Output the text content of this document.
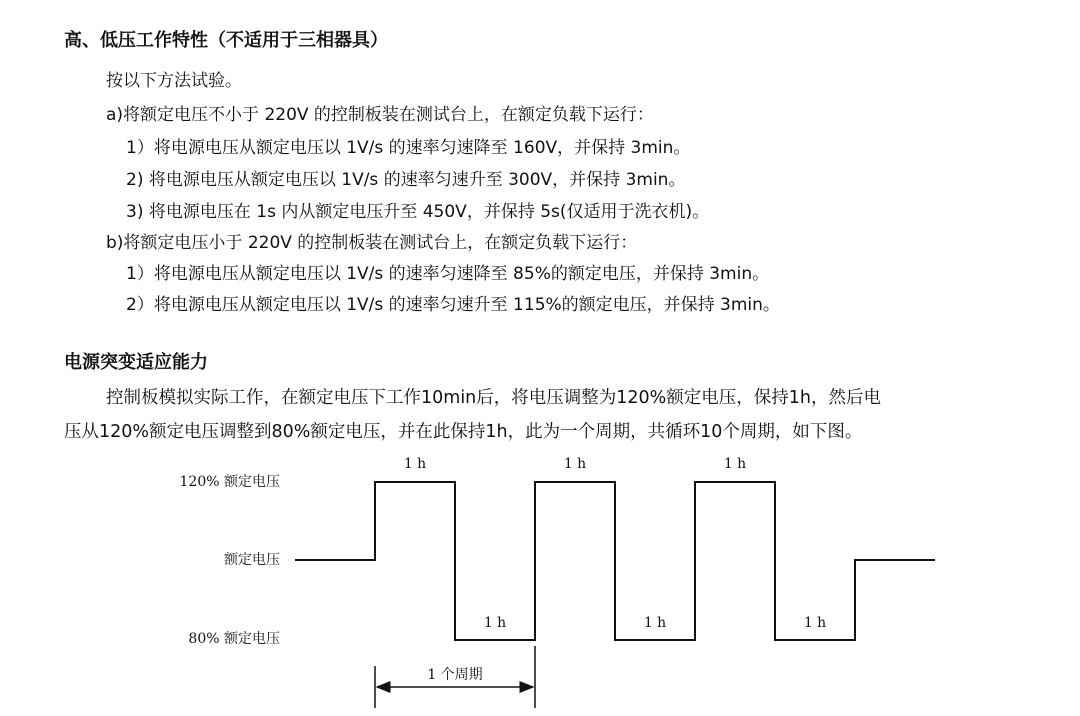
高、低压工作特性（不适用于三相器具）
按以下方法试验。
a)将额定电压不小于 220V 的控制板装在测试台上，在额定负载下运行：
1）将电源电压从额定电压以 1V/s 的速率匀速降至 160V，并保持 3min。
2) 将电源电压从额定电压以 1V/s 的速率匀速升至 300V，并保持 3min。
3) 将电源电压在 1s 内从额定电压升至 450V，并保持 5s(仅适用于洗衣机)。
b)将额定电压小于 220V 的控制板装在测试台上，在额定负载下运行：
1）将电源电压从额定电压以 1V/s 的速率匀速降至 85%的额定电压，并保持 3min。
2）将电源电压从额定电压以 1V/s 的速率匀速升至 115%的额定电压，并保持 3min。
电源突变适应能力
控制板模拟实际工作，在额定电压下工作10min后，将电压调整为120%额定电压，保持1h，然后电
压从120%额定电压调整到80%额定电压，并在此保持1h，此为一个周期，共循环10个周期，如下图。
120% 额定电压
额定电压
80% 额定电压
1 h	1 h	1 h
1 h	1 h	1 h
1 个周期
